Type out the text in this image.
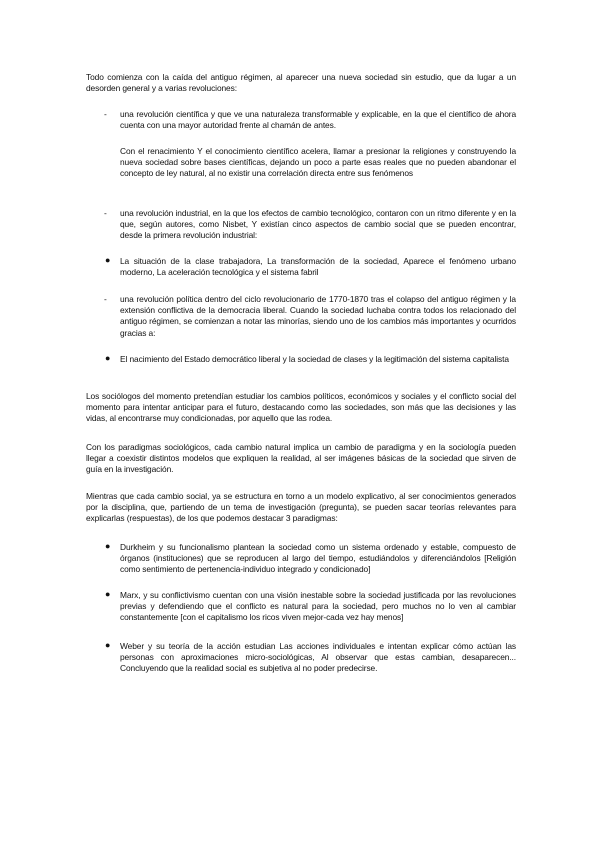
Todo comienza con la caída del antiguo régimen, al aparecer una nueva sociedad sin estudio, que da lugar a un desorden general y a varias revoluciones:
- una revolución científica y que ve una naturaleza transformable y explicable, en la que el científico de ahora cuenta con una mayor autoridad frente al chamán de antes.
Con el renacimiento Y el conocimiento científico acelera, llamar a presionar la religiones y construyendo la nueva sociedad sobre bases científicas, dejando un poco a parte esas reales que no pueden abandonar el concepto de ley natural, al no existir una correlación directa entre sus fenómenos
- una revolución industrial, en la que los efectos de cambio tecnológico, contaron con un ritmo diferente y en la que, según autores, como Nisbet, Y existían cinco aspectos de cambio social que se pueden encontrar, desde la primera revolución industrial:
● La situación de la clase trabajadora, La transformación de la sociedad, Aparece el fenómeno urbano moderno, La aceleración tecnológica y el sistema fabril
- una revolución política dentro del ciclo revolucionario de 1770-1870 tras el colapso del antiguo régimen y la extensión conflictiva de la democracia liberal. Cuando la sociedad luchaba contra todos los relacionado del antiguo régimen, se comienzan a notar las minorías, siendo uno de los cambios más importantes y ocurridos gracias a:
● El nacimiento del Estado democrático liberal y la sociedad de clases y la legitimación del sistema capitalista
Los sociólogos del momento pretendían estudiar los cambios políticos, económicos y sociales y el conflicto social del momento para intentar anticipar para el futuro, destacando como las sociedades, son más que las decisiones y las vidas, al encontrarse muy condicionadas, por aquello que las rodea.
Con los paradigmas sociológicos, cada cambio natural implica un cambio de paradigma y en la sociología pueden llegar a coexistir distintos modelos que expliquen la realidad, al ser imágenes básicas de la sociedad que sirven de guía en la investigación.
Mientras que cada cambio social, ya se estructura en torno a un modelo explicativo, al ser conocimientos generados por la disciplina, que, partiendo de un tema de investigación (pregunta), se pueden sacar teorías relevantes para explicarlas (respuestas), de los que podemos destacar 3 paradigmas:
● Durkheim y su funcionalismo plantean la sociedad como un sistema ordenado y estable, compuesto de órganos (instituciones) que se reproducen al largo del tiempo, estudiándolos y diferenciándolos [Religión como sentimiento de pertenencia-individuo integrado y condicionado]
● Marx, y su conflictivismo cuentan con una visión inestable sobre la sociedad justificada por las revoluciones previas y defendiendo que el conflicto es natural para la sociedad, pero muchos no lo ven al cambiar constantemente [con el capitalismo los ricos viven mejor-cada vez hay menos]
● Weber y su teoría de la acción estudian Las acciones individuales e intentan explicar cómo actúan las personas con aproximaciones micro-sociológicas, Al observar que estas cambian, desaparecen... Concluyendo que la realidad social es subjetiva al no poder predecirse.
